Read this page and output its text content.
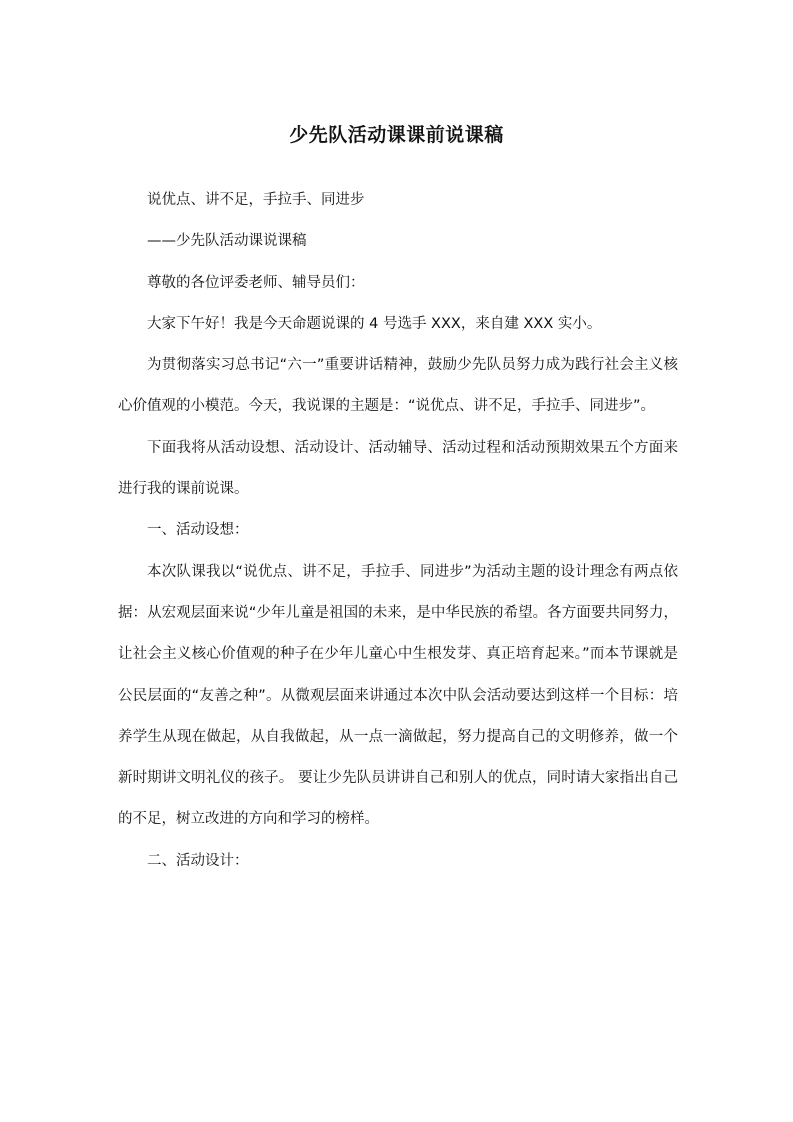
少先队活动课课前说课稿

说优点、讲不足，手拉手、同进步

——少先队活动课说课稿

尊敬的各位评委老师、辅导员们：

大家下午好！我是今天命题说课的 4 号选手 XXX，来自建 XXX 实小。

为贯彻落实习总书记“六一”重要讲话精神，鼓励少先队员努力成为践行社会主义核心价值观的小模范。今天，我说课的主题是：“说优点、讲不足，手拉手、同进步”。

下面我将从活动设想、活动设计、活动辅导、活动过程和活动预期效果五个方面来进行我的课前说课。

一、活动设想：

本次队课我以“说优点、讲不足，手拉手、同进步”为活动主题的设计理念有两点依据：从宏观层面来说“少年儿童是祖国的未来，是中华民族的希望。各方面要共同努力，让社会主义核心价值观的种子在少年儿童心中生根发芽、真正培育起来。”而本节课就是公民层面的“友善之种”。从微观层面来讲通过本次中队会活动要达到这样一个目标：培养学生从现在做起，从自我做起，从一点一滴做起，努力提高自己的文明修养，做一个新时期讲文明礼仪的孩子。 要让少先队员讲讲自己和别人的优点，同时请大家指出自己的不足，树立改进的方向和学习的榜样。

二、活动设计：
